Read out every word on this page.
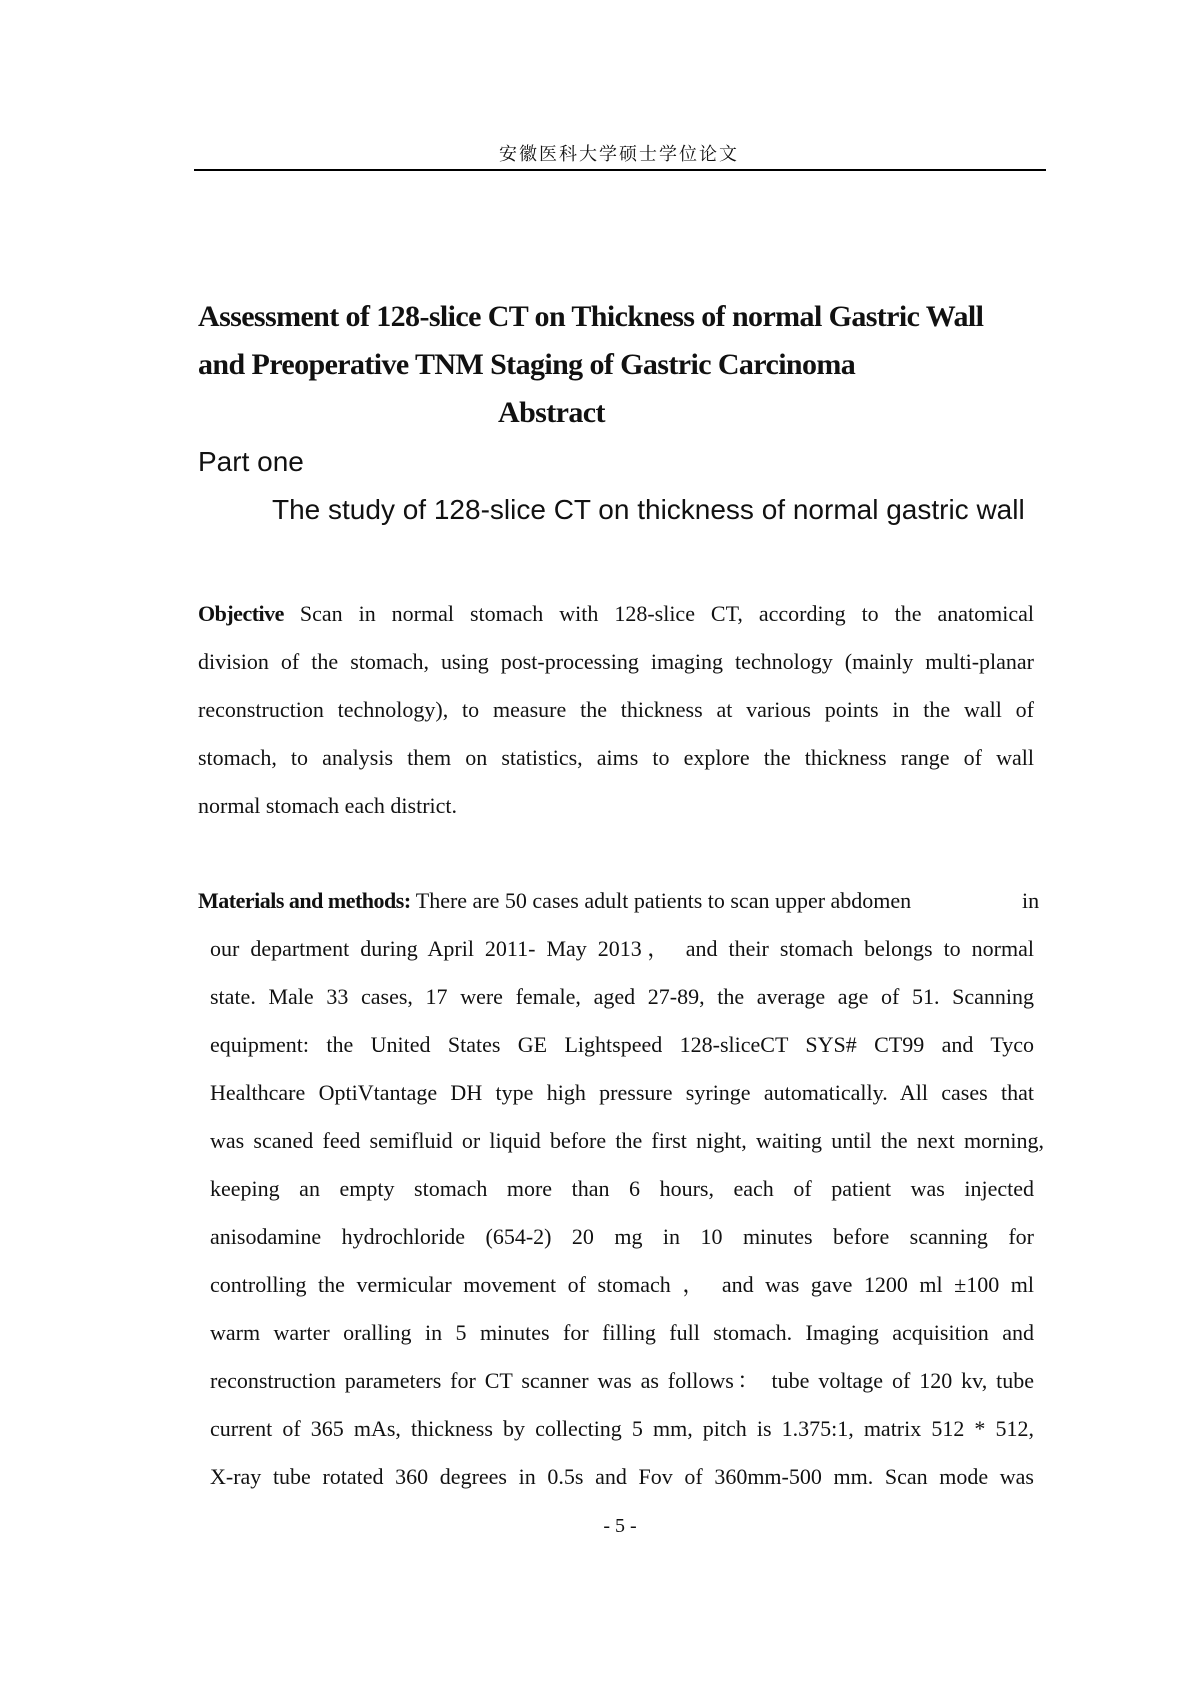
安徽医科大学硕士学位论文
Assessment of 128-slice CT on Thickness of normal Gastric Wall
and Preoperative TNM Staging of Gastric Carcinoma
Abstract
Part one
The study of 128-slice CT on thickness of normal gastric wall
Objective Scan in normal stomach with 128-slice CT, according to the anatomical
division of the stomach, using post-processing imaging technology (mainly multi-planar
reconstruction technology), to measure the thickness at various points in the wall of
stomach, to analysis them on statistics, aims to explore the thickness range of wall
normal stomach each district.
Materials and methods: There are 50 cases adult patients to scan upper abdomen	in
our department during April 2011- May 2013， and their stomach belongs to normal
state. Male 33 cases, 17 were female, aged 27-89, the average age of 51. Scanning
equipment: the United States GE Lightspeed 128-sliceCT SYS# CT99 and Tyco
Healthcare OptiVtantage DH type high pressure syringe automatically. All cases that
was scaned feed semifluid or liquid before the first night, waiting until the next morning,
keeping an empty stomach more than 6 hours, each of patient was injected
anisodamine hydrochloride (654-2) 20 mg in 10 minutes before scanning for
controlling the vermicular movement of stomach ， and was gave 1200 ml ±100 ml
warm warter oralling in 5 minutes for filling full stomach. Imaging acquisition and
reconstruction parameters for CT scanner was as follows： tube voltage of 120 kv, tube
current of 365 mAs, thickness by collecting 5 mm, pitch is 1.375:1, matrix 512 * 512,
X-ray tube rotated 360 degrees in 0.5s and Fov of 360mm-500 mm. Scan mode was
- 5 -
